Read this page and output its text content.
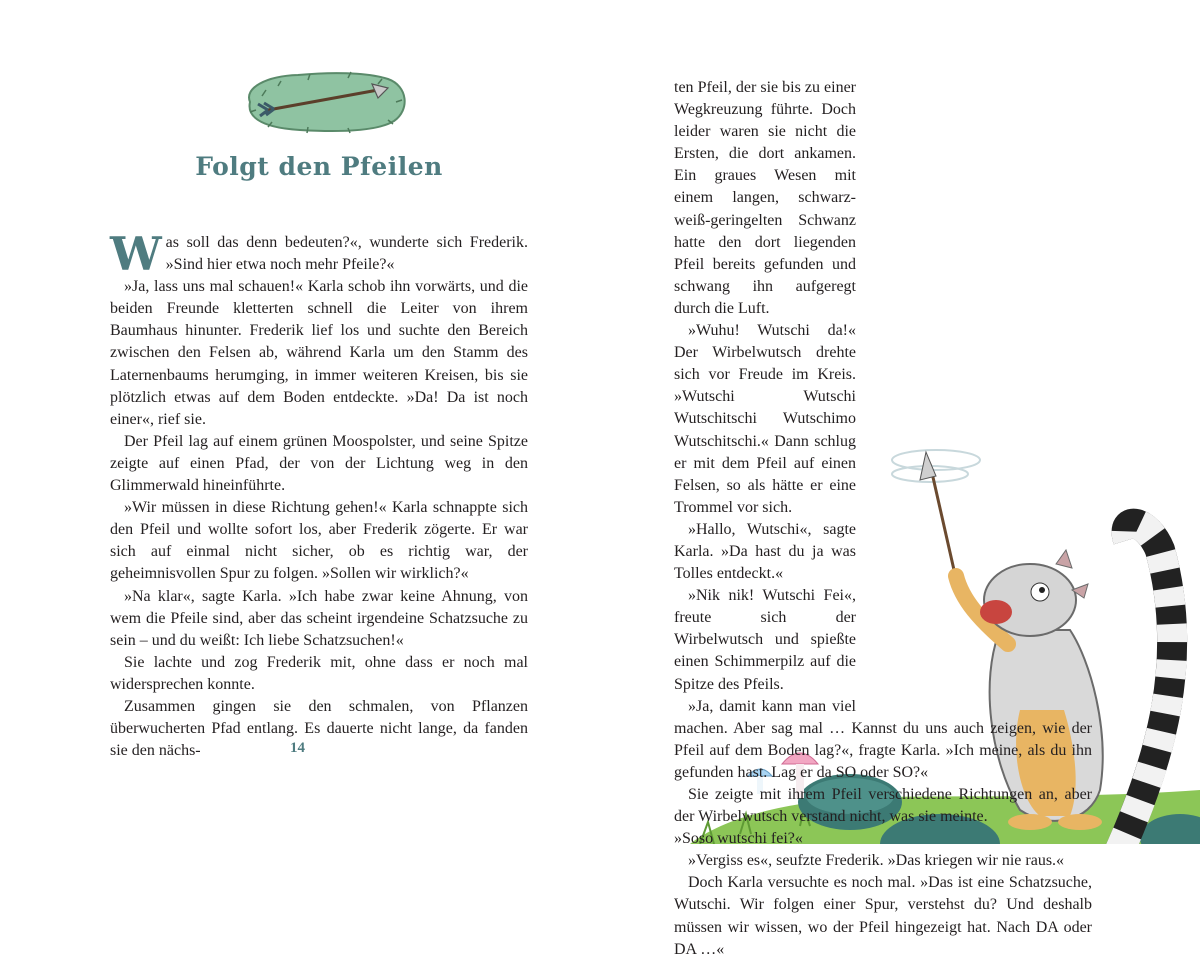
Folgt den Pfeilen

Was soll das denn bedeuten?«, wunderte sich Frederik. »Sind hier etwa noch mehr Pfeile?«

»Ja, lass uns mal schauen!« Karla schob ihn vorwärts, und die beiden Freunde kletterten schnell die Leiter von ihrem Baumhaus hinunter. Frederik lief los und suchte den Bereich zwischen den Felsen ab, während Karla um den Stamm des Laternenbaums herumging, in immer weiteren Kreisen, bis sie plötzlich etwas auf dem Boden entdeckte. »Da! Da ist noch einer«, rief sie.

Der Pfeil lag auf einem grünen Moospolster, und seine Spitze zeigte auf einen Pfad, der von der Lichtung weg in den Glimmerwald hineinführte.

»Wir müssen in diese Richtung gehen!« Karla schnappte sich den Pfeil und wollte sofort los, aber Frederik zögerte. Er war sich auf einmal nicht sicher, ob es richtig war, der geheimnisvollen Spur zu folgen. »Sollen wir wirklich?«

»Na klar«, sagte Karla. »Ich habe zwar keine Ahnung, von wem die Pfeile sind, aber das scheint irgendeine Schatzsuche zu sein – und du weißt: Ich liebe Schatzsuchen!«

Sie lachte und zog Frederik mit, ohne dass er noch mal widersprechen konnte.

Zusammen gingen sie den schmalen, von Pflanzen überwucherten Pfad entlang. Es dauerte nicht lange, da fanden sie den nächs-	14

ten Pfeil, der sie bis zu einer Wegkreuzung führte. Doch leider waren sie nicht die Ersten, die dort ankamen. Ein graues Wesen mit einem langen, schwarz-weiß-geringelten Schwanz hatte den dort liegenden Pfeil bereits gefunden und schwang ihn aufgeregt durch die Luft.

»Wuhu! Wutschi da!« Der Wirbelwutsch drehte sich vor Freude im Kreis. »Wutschi Wutschi Wutschitschi Wutschimo Wutschitschi.« Dann schlug er mit dem Pfeil auf einen Felsen, so als hätte er eine Trommel vor sich.

»Hallo, Wutschi«, sagte Karla. »Da hast du ja was Tolles entdeckt.«

»Nik nik! Wutschi Fei«, freute sich der Wirbelwutsch und spießte einen Schimmerpilz auf die Spitze des Pfeils.

»Ja, damit kann man viel machen. Aber sag mal … Kannst du uns auch zeigen, wie der Pfeil auf dem Boden lag?«, fragte Karla. »Ich meine, als du ihn gefunden hast. Lag er da SO oder SO?«

Sie zeigte mit ihrem Pfeil verschiedene Richtungen an, aber der Wirbelwutsch verstand nicht, was sie meinte.

»Soso wutschi fei?«

»Vergiss es«, seufzte Frederik. »Das kriegen wir nie raus.«

Doch Karla versuchte es noch mal. »Das ist eine Schatzsuche, Wutschi. Wir folgen einer Spur, verstehst du? Und deshalb müssen wir wissen, wo der Pfeil hingezeigt hat. Nach DA oder DA …«
